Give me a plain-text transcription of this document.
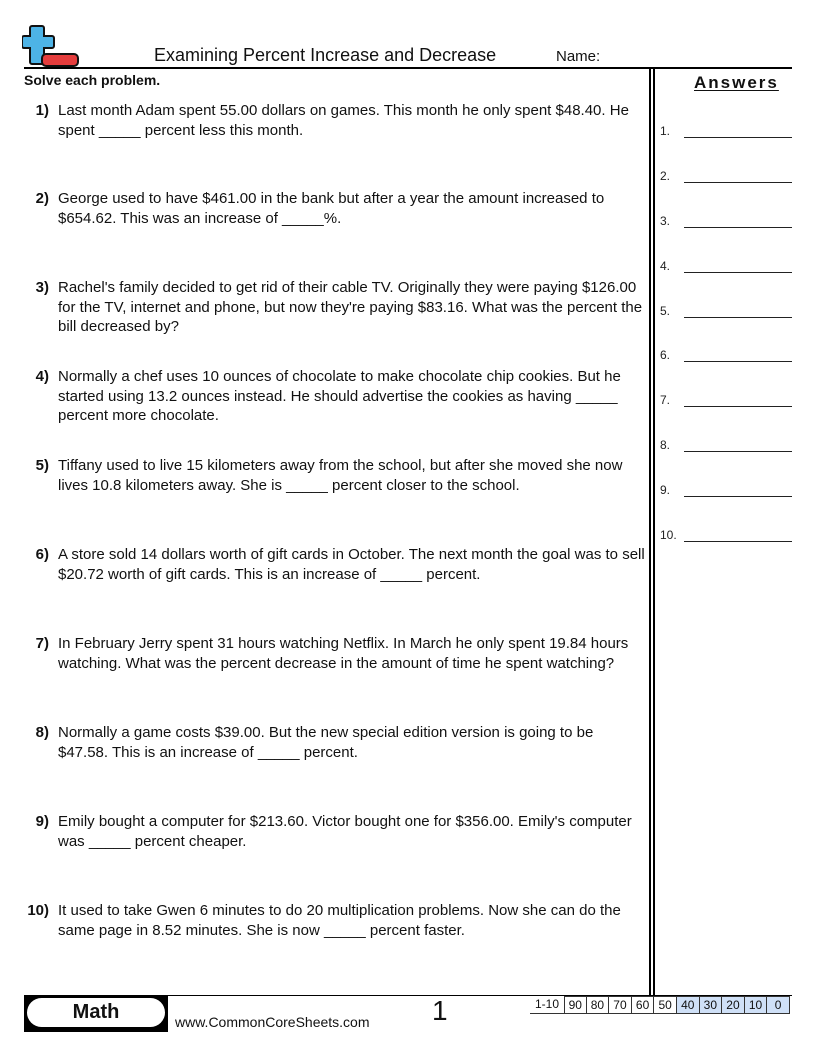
Examining Percent Increase and Decrease	Name:
Solve each problem.	Answers
1.
2.
3.
4.
5.
6.
7.
8.
9.
10.
1) Last month Adam spent 55.00 dollars on games. This month he only spent $48.40. He spent _____ percent less this month.
2) George used to have $461.00 in the bank but after a year the amount increased to $654.62. This was an increase of _____%.
3) Rachel's family decided to get rid of their cable TV. Originally they were paying $126.00 for the TV, internet and phone, but now they're paying $83.16. What was the percent the bill decreased by?
4) Normally a chef uses 10 ounces of chocolate to make chocolate chip cookies. But he started using 13.2 ounces instead. He should advertise the cookies as having _____ percent more chocolate.
5) Tiffany used to live 15 kilometers away from the school, but after she moved she now lives 10.8 kilometers away. She is _____ percent closer to the school.
6) A store sold 14 dollars worth of gift cards in October. The next month the goal was to sell $20.72 worth of gift cards. This is an increase of _____ percent.
7) In February Jerry spent 31 hours watching Netflix. In March he only spent 19.84 hours watching. What was the percent decrease in the amount of time he spent watching?
8) Normally a game costs $39.00. But the new special edition version is going to be $47.58. This is an increase of _____ percent.
9) Emily bought a computer for $213.60. Victor bought one for $356.00. Emily's computer was _____ percent cheaper.
10) It used to take Gwen 6 minutes to do 20 multiplication problems. Now she can do the same page in 8.52 minutes. She is now _____ percent faster.
Math	www.CommonCoreSheets.com 1	1-10 90 80 70 60 50 40 30 20 10	0
